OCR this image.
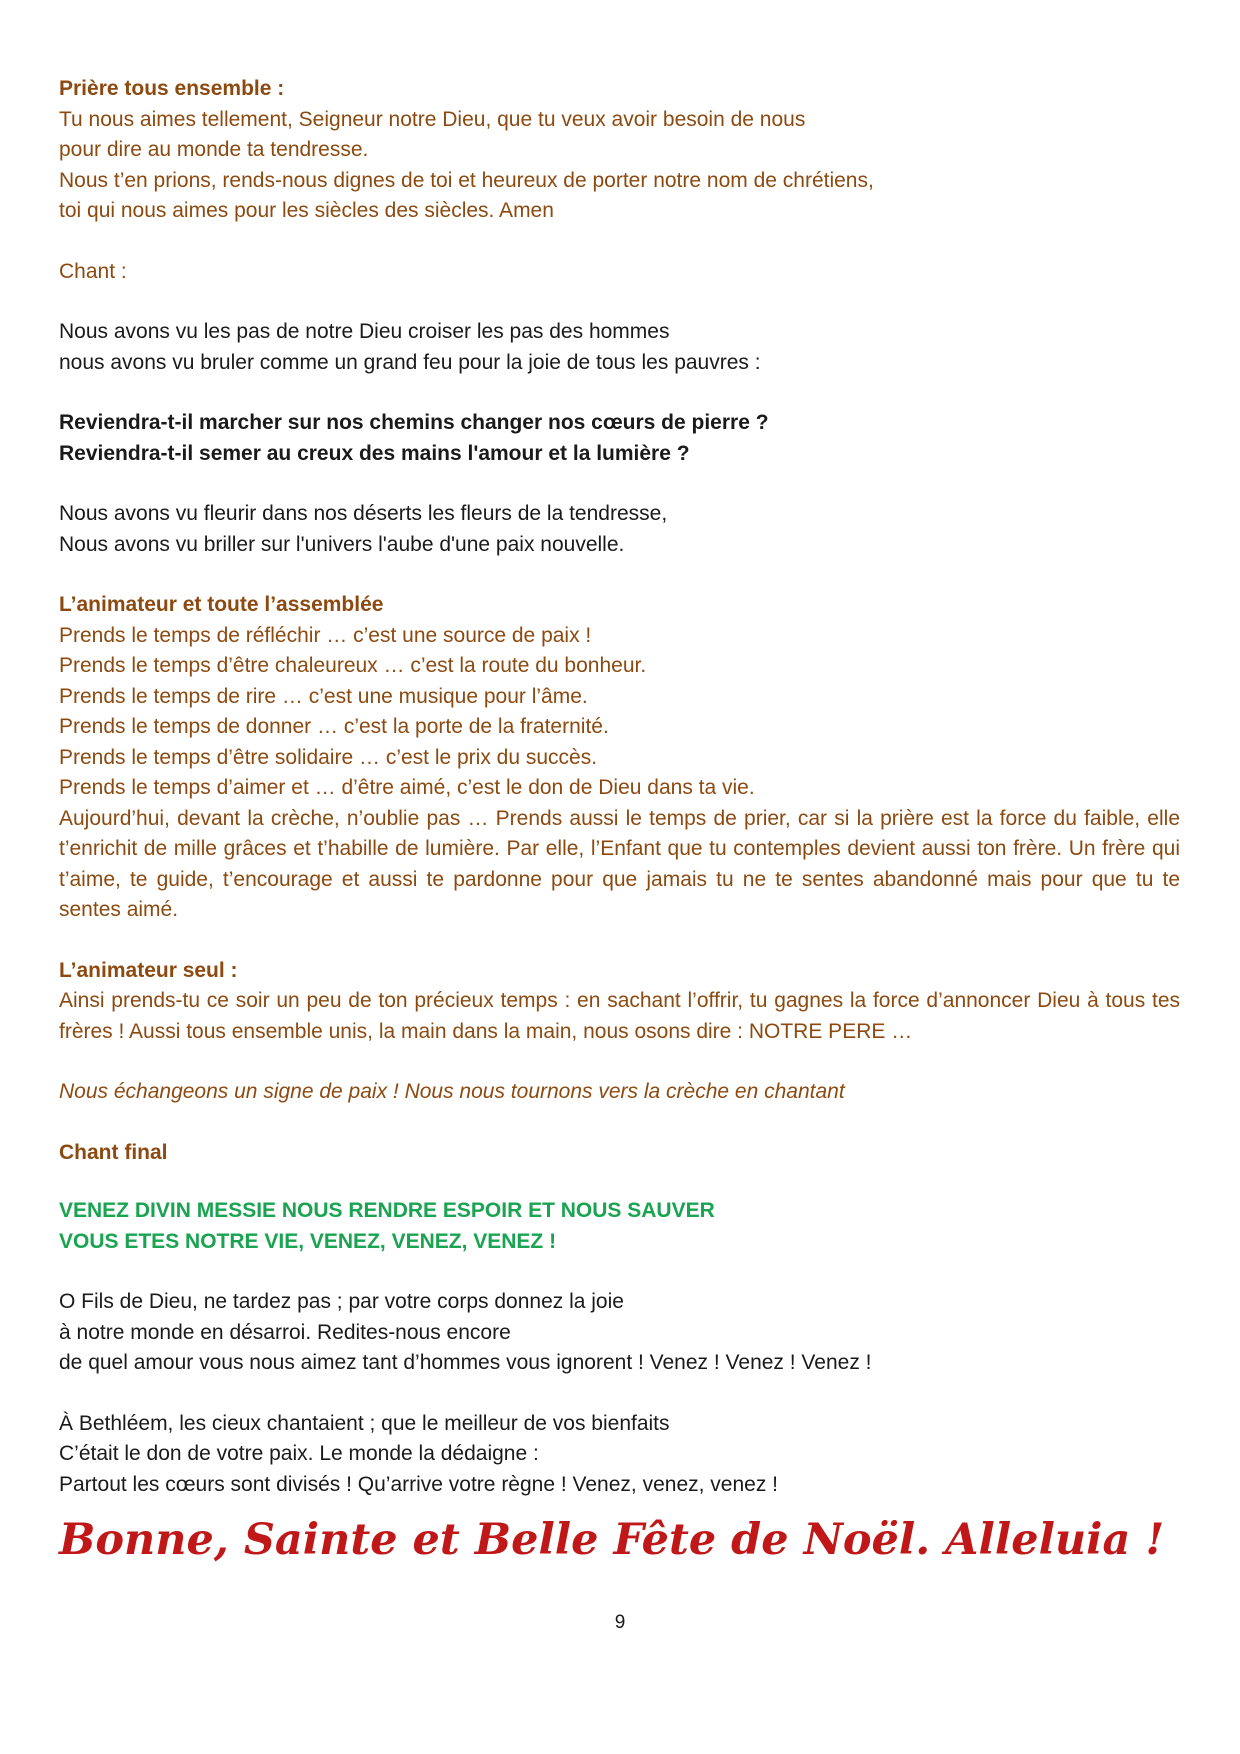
Prière tous ensemble :
Tu nous aimes tellement, Seigneur notre Dieu, que tu veux avoir besoin de nous
pour dire au monde ta tendresse.
Nous t’en prions, rends-nous dignes de toi et heureux de porter notre nom de chrétiens,
toi qui nous aimes pour les siècles des siècles. Amen
Chant :
Nous avons vu les pas de notre Dieu croiser les pas des hommes
nous avons vu bruler comme un grand feu pour la joie de tous les pauvres :
Reviendra-t-il marcher sur nos chemins changer nos cœurs de pierre ?
Reviendra-t-il semer au creux des mains l'amour et la lumière ?
Nous avons vu fleurir dans nos déserts les fleurs de la tendresse,
Nous avons vu briller sur l'univers l'aube d'une paix nouvelle.
L’animateur et toute l’assemblée
Prends le temps de réfléchir … c’est une source de paix !
Prends le temps d’être chaleureux … c’est la route du bonheur.
Prends le temps de rire … c’est une musique pour l’âme.
Prends le temps de donner … c’est la porte de la fraternité.
Prends le temps d’être solidaire … c’est le prix du succès.
Prends le temps d’aimer et … d’être aimé, c’est le don de Dieu dans ta vie.
Aujourd’hui, devant la crèche, n’oublie pas … Prends aussi le temps de prier, car si la prière est la force du faible, elle t’enrichit de mille grâces et t’habille de lumière. Par elle, l’Enfant que tu contemples devient aussi ton frère. Un frère qui t’aime, te guide, t’encourage et aussi te pardonne pour que jamais tu ne te sentes abandonné mais pour que tu te sentes aimé.
L’animateur seul :
Ainsi prends-tu ce soir un peu de ton précieux temps : en sachant l’offrir, tu gagnes la force d’annoncer Dieu à tous tes frères ! Aussi tous ensemble unis, la main dans la main, nous osons dire : NOTRE PERE …
Nous échangeons un signe de paix ! Nous nous tournons vers la crèche en chantant
Chant final
VENEZ DIVIN MESSIE NOUS RENDRE ESPOIR ET NOUS SAUVER
VOUS ETES NOTRE VIE, VENEZ, VENEZ, VENEZ !
O Fils de Dieu, ne tardez pas ; par votre corps donnez la joie
à notre monde en désarroi. Redites-nous encore
de quel amour vous nous aimez tant d’hommes vous ignorent ! Venez ! Venez ! Venez !
À Bethléem, les cieux chantaient ; que le meilleur de vos bienfaits
C’était le don de votre paix. Le monde la dédaigne :
Partout les cœurs sont divisés ! Qu’arrive votre règne ! Venez, venez, venez !
Bonne, Sainte et Belle Fête de Noël. Alleluia !
9
